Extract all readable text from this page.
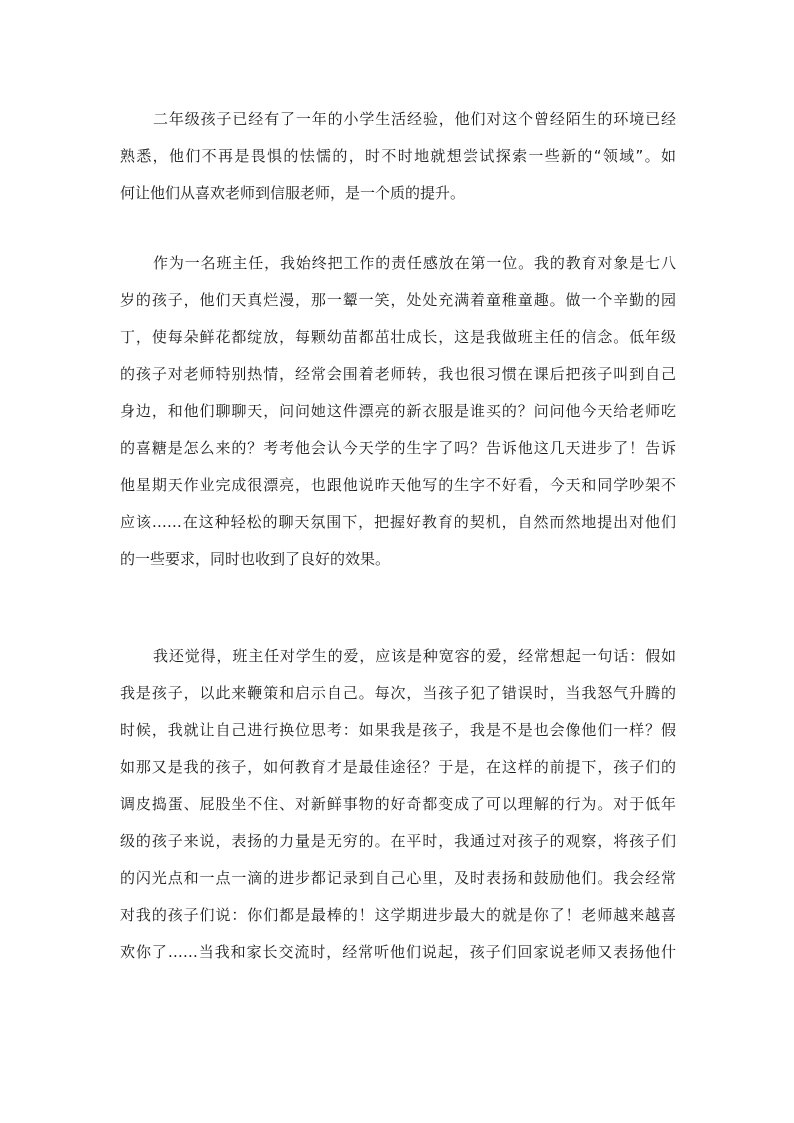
二年级孩子已经有了一年的小学生活经验，他们对这个曾经陌生的环境已经
熟悉，他们不再是畏惧的怯懦的，时不时地就想尝试探索一些新的“领域”。如
何让他们从喜欢老师到信服老师，是一个质的提升。
作为一名班主任，我始终把工作的责任感放在第一位。我的教育对象是七八
岁的孩子，他们天真烂漫，那一颦一笑，处处充满着童稚童趣。做一个辛勤的园
丁，使每朵鲜花都绽放，每颗幼苗都茁壮成长，这是我做班主任的信念。低年级
的孩子对老师特别热情，经常会围着老师转，我也很习惯在课后把孩子叫到自己
身边，和他们聊聊天，问问她这件漂亮的新衣服是谁买的？问问他今天给老师吃
的喜糖是怎么来的？考考他会认今天学的生字了吗？告诉他这几天进步了！告诉
他星期天作业完成很漂亮，也跟他说昨天他写的生字不好看，今天和同学吵架不
应该……在这种轻松的聊天氛围下，把握好教育的契机，自然而然地提出对他们
的一些要求，同时也收到了良好的效果。
我还觉得，班主任对学生的爱，应该是种宽容的爱，经常想起一句话：假如
我是孩子，以此来鞭策和启示自己。每次，当孩子犯了错误时，当我怒气升腾的
时候，我就让自己进行换位思考：如果我是孩子，我是不是也会像他们一样？假
如那又是我的孩子，如何教育才是最佳途径？于是，在这样的前提下，孩子们的
调皮捣蛋、屁股坐不住、对新鲜事物的好奇都变成了可以理解的行为。对于低年
级的孩子来说，表扬的力量是无穷的。在平时，我通过对孩子的观察，将孩子们
的闪光点和一点一滴的进步都记录到自己心里，及时表扬和鼓励他们。我会经常
对我的孩子们说：你们都是最棒的！这学期进步最大的就是你了！老师越来越喜
欢你了……当我和家长交流时，经常听他们说起，孩子们回家说老师又表扬他什
